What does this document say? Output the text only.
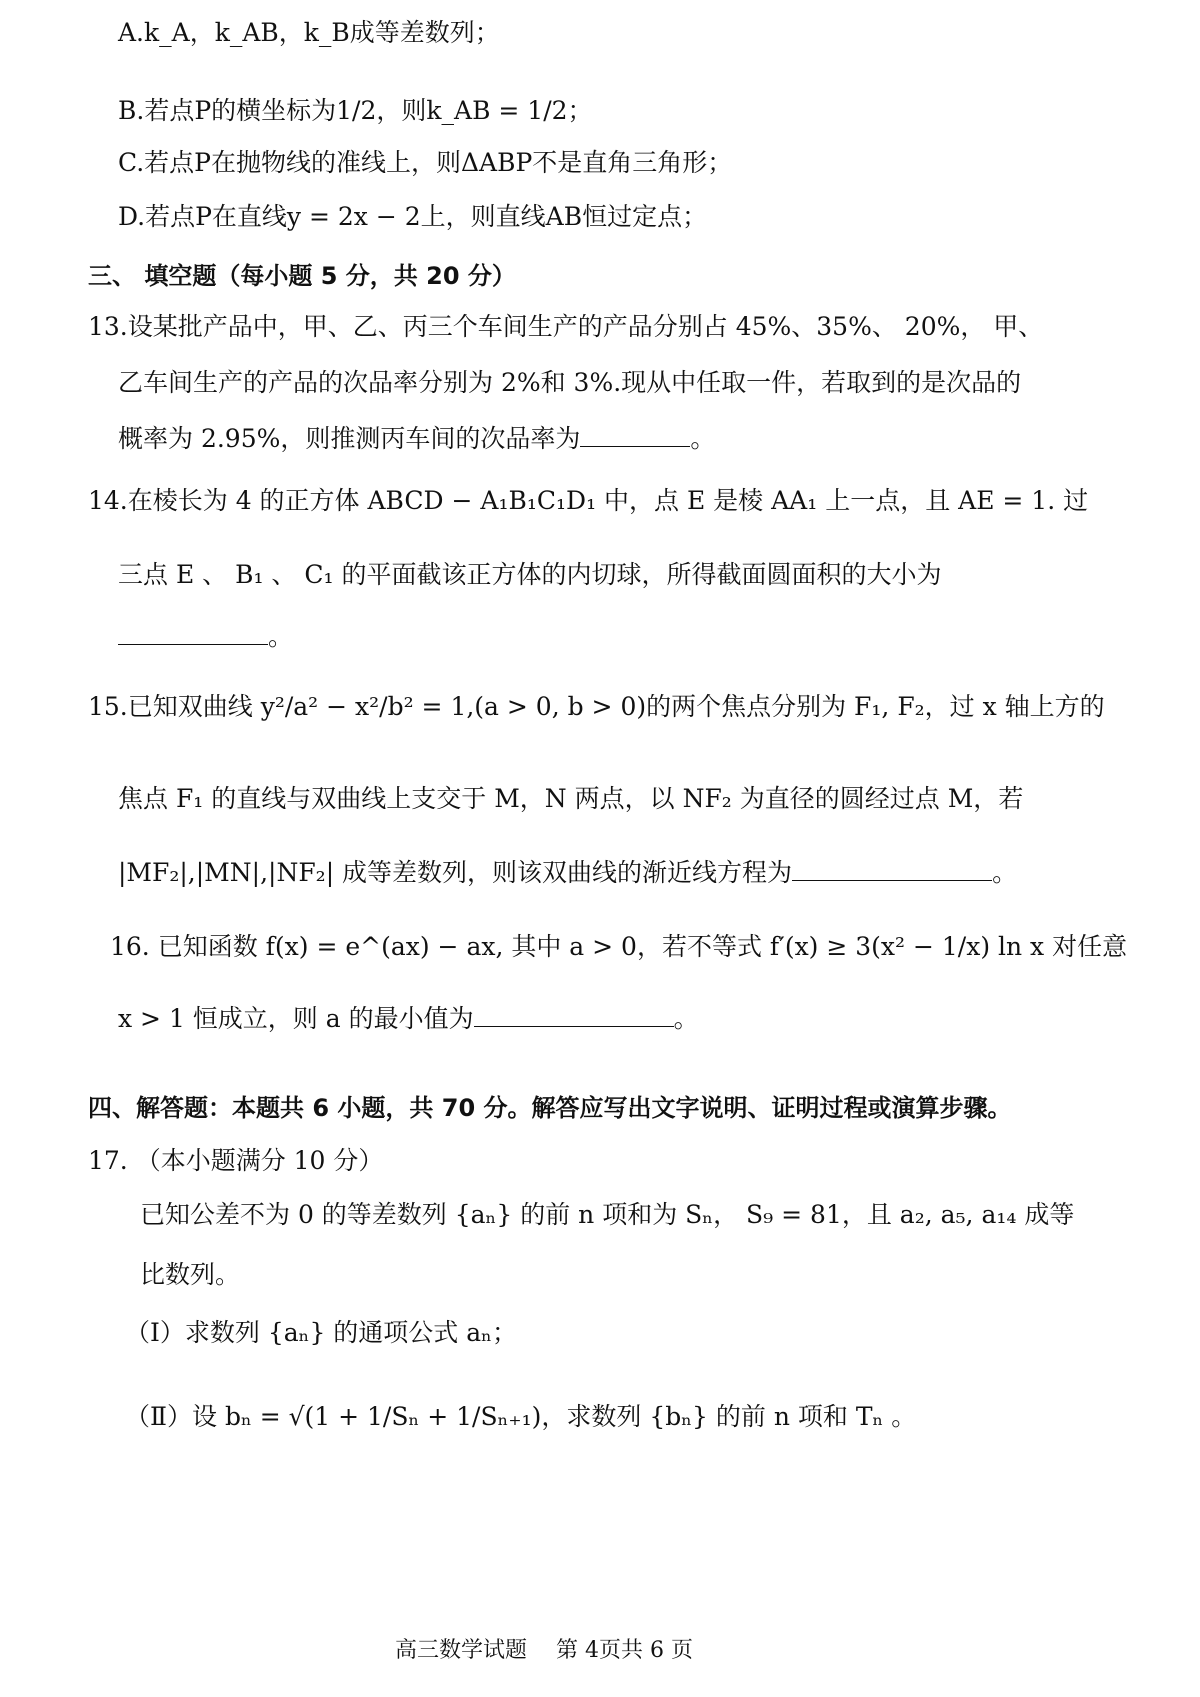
A.k_A，k_AB，k_B成等差数列；
B.若点P的横坐标为1/2，则k_AB = 1/2；
C.若点P在抛物线的准线上，则ΔABP不是直角三角形；
D.若点P在直线y = 2x − 2上，则直线AB恒过定点；
三、 填空题（每小题 5 分，共 20 分）
13.设某批产品中，甲、乙、丙三个车间生产的产品分别占 45%、35%、 20%， 甲、
乙车间生产的产品的次品率分别为 2%和 3%.现从中任取一件，若取到的是次品的
概率为 2.95%，则推测丙车间的次品率为	。
14.在棱长为 4 的正方体 ABCD − A₁B₁C₁D₁ 中，点 E 是棱 AA₁ 上一点，且 AE = 1. 过
三点 E 、 B₁ 、 C₁ 的平面截该正方体的内切球，所得截面圆面积的大小为
。
15.已知双曲线 y²/a² − x²/b² = 1,(a > 0, b > 0)的两个焦点分别为 F₁, F₂，过 x 轴上方的
焦点 F₁ 的直线与双曲线上支交于 M，N 两点，以 NF₂ 为直径的圆经过点 M，若
|MF₂|,|MN|,|NF₂| 成等差数列，则该双曲线的渐近线方程为	。
16. 已知函数 f(x) = e^(ax) − ax, 其中 a > 0，若不等式 f′(x) ≥ 3(x² − 1/x) ln x 对任意
x > 1 恒成立，则 a 的最小值为	。
四、解答题：本题共 6 小题，共 70 分。解答应写出文字说明、证明过程或演算步骤。
17. （本小题满分 10 分）
已知公差不为 0 的等差数列 {aₙ} 的前 n 项和为 Sₙ， S₉ = 81，且 a₂, a₅, a₁₄ 成等
比数列。
（Ⅰ）求数列 {aₙ} 的通项公式 aₙ；
（Ⅱ）设 bₙ = √(1 + 1/Sₙ + 1/Sₙ₊₁)，求数列 {bₙ} 的前 n 项和 Tₙ 。
高三数学试题　 第 4页共 6 页
